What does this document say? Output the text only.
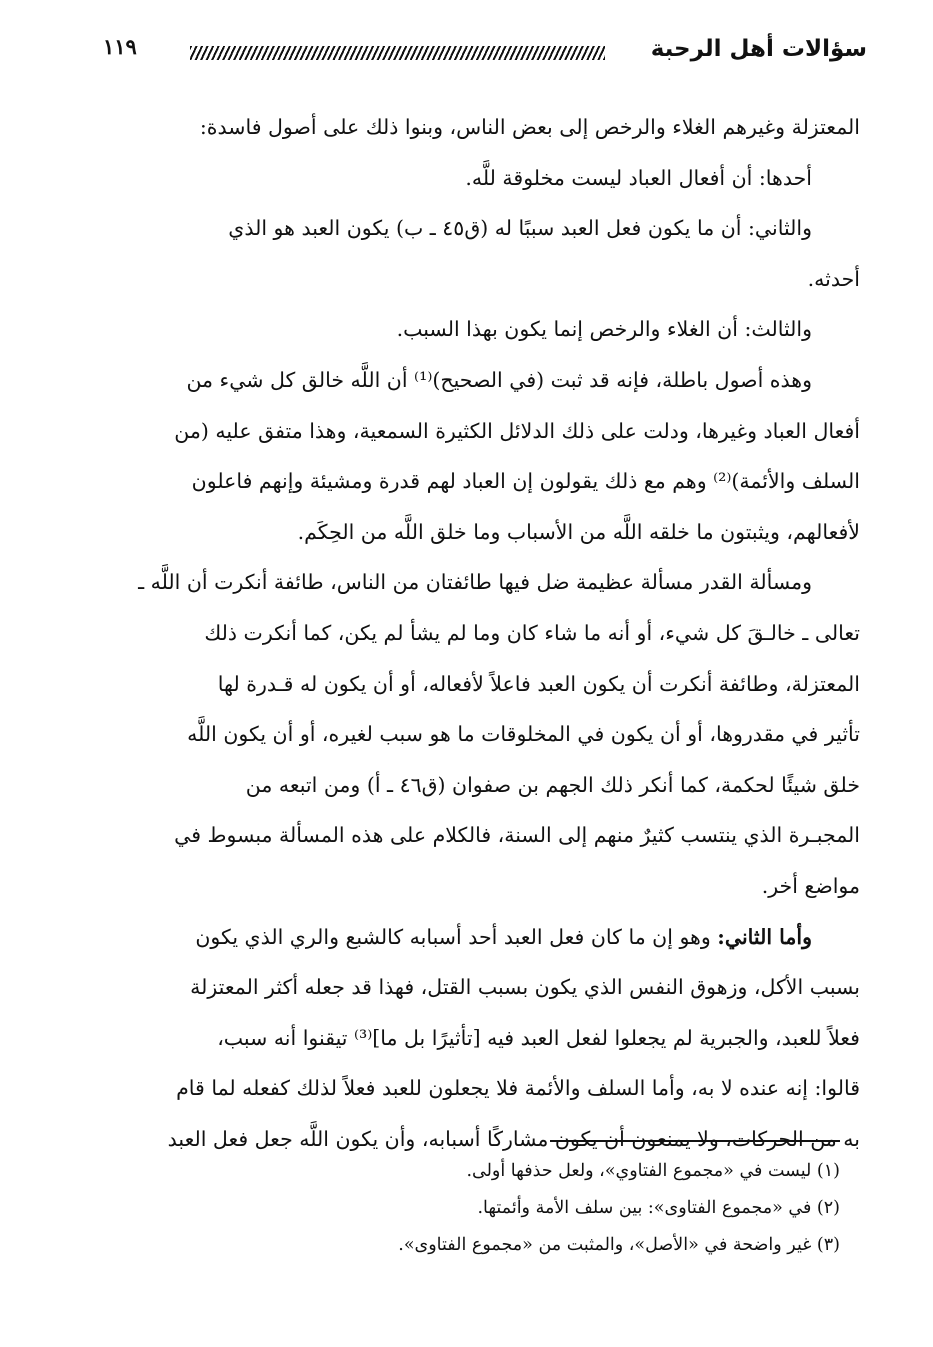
سؤالات أهل الرحبة
١١٩
المعتزلة وغيرهم الغلاء والرخص إلى بعض الناس، وبنوا ذلك على أصول فاسدة:
أحدها: أن أفعال العباد ليست مخلوقة للَّه.
والثاني: أن ما يكون فعل العبد سببًا له (ق٤٥ ـ ب) يكون العبد هو الذي
أحدثه.
والثالث: أن الغلاء والرخص إنما يكون بهذا السبب.
وهذه أصول باطلة، فإنه قد ثبت (في الصحيح)⁽¹⁾ أن اللَّه خالق كل شيء من
أفعال العباد وغيرها، ودلت على ذلك الدلائل الكثيرة السمعية، وهذا متفق عليه (من
السلف والأئمة)⁽²⁾ وهم مع ذلك يقولون إن العباد لهم قدرة ومشيئة وإنهم فاعلون
لأفعالهم، ويثبتون ما خلقه اللَّه من الأسباب وما خلق اللَّه من الحِكَم.
ومسألة القدر مسألة عظيمة ضل فيها طائفتان من الناس، طائفة أنكرت أن اللَّه ـ
تعالى ـ خالـقَ كل شيء، أو أنه ما شاء كان وما لم يشأ لم يكن، كما أنكرت ذلك
المعتزلة، وطائفة أنكرت أن يكون العبد فاعلاً لأفعاله، أو أن يكون له قـدرة لها
تأثير في مقدروها، أو أن يكون في المخلوقات ما هو سبب لغيره، أو أن يكون اللَّه
خلق شيئًا لحكمة، كما أنكر ذلك الجهم بن صفوان (ق٤٦ ـ أ) ومن اتبعه من
المجبـرة الذي ينتسب كثيرٌ منهم إلى السنة، فالكلام على هذه المسألة مبسوط في
مواضع أخر.
وأما الثاني: وهو إن ما كان فعل العبد أحد أسبابه كالشبع والري الذي يكون
بسبب الأكل، وزهوق النفس الذي يكون بسبب القتل، فهذا قد جعله أكثر المعتزلة
فعلاً للعبد، والجبرية لم يجعلوا لفعل العبد فيه [تأثيرًا بل ما]⁽³⁾ تيقنوا أنه سبب،
قالوا: إنه عنده لا به، وأما السلف والأئمة فلا يجعلون للعبد فعلاً لذلك كفعله لما قام
به من الحركات، ولا يمنعون أن يكون مشاركًا أسبابه، وأن يكون اللَّه جعل فعل العبد
(١) ليست في «مجموع الفتاوي»، ولعل حذفها أولى.
(٢) في «مجموع الفتاوى»: بين سلف الأمة وأئمتها.
(٣) غير واضحة في «الأصل»، والمثبت من «مجموع الفتاوى».
